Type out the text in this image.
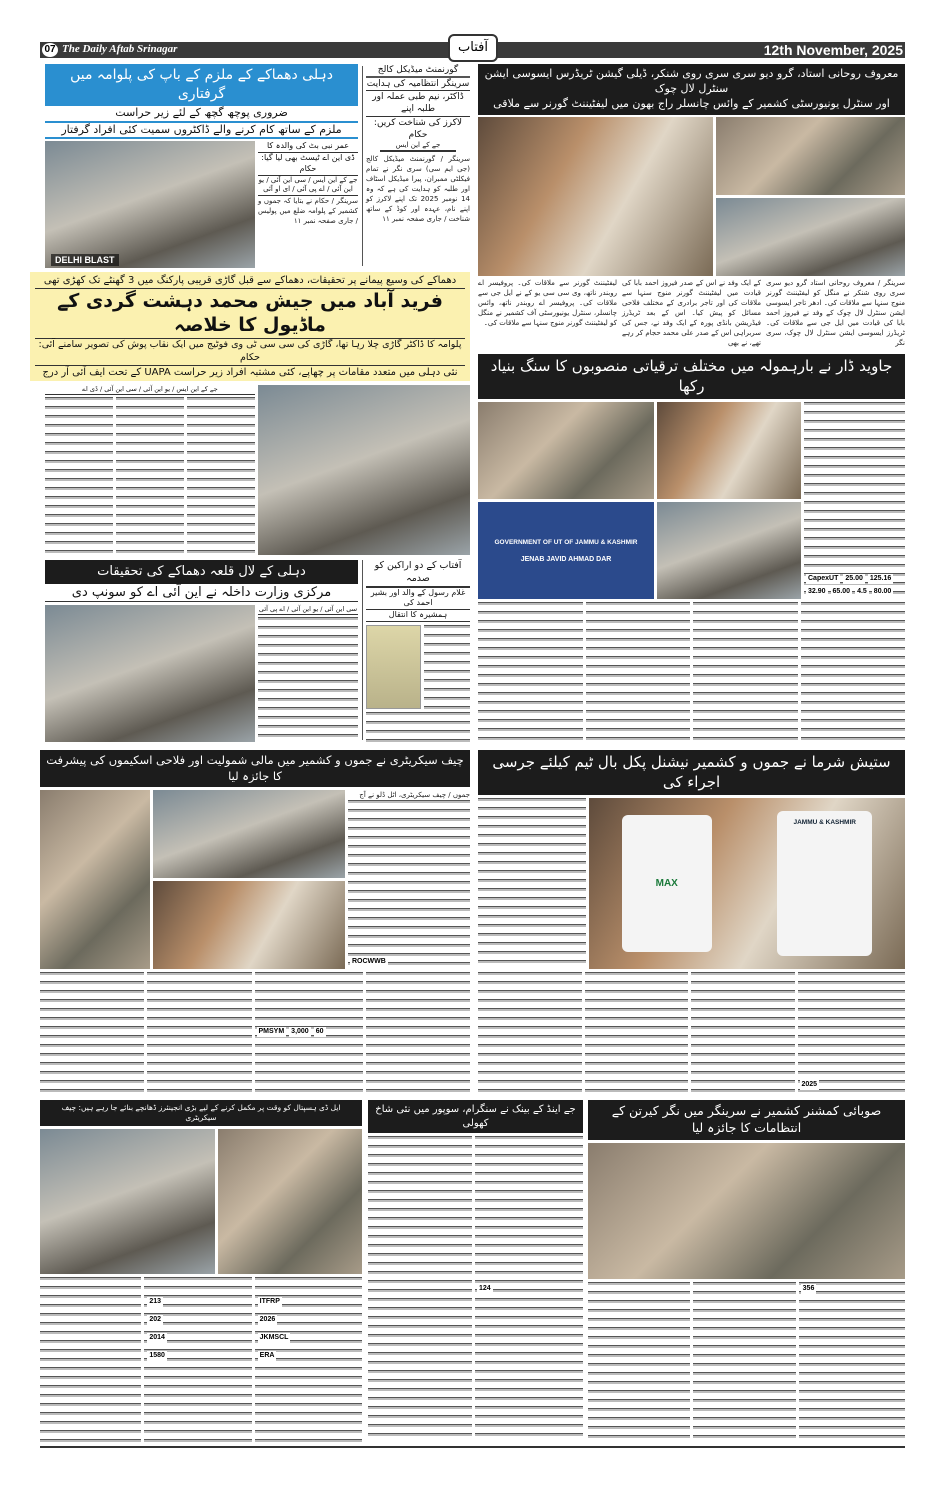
07 The Daily Aftab Srinagar	آفتاب	12th November, 2025
دہلی دھماکے کے ملزم کے باپ کی پلوامہ میں گرفتاری
ضروری پوچھ گچھ کے لئے زیر حراست
ملزم کے ساتھ کام کرنے والے ڈاکٹروں سمیت کئی افراد گرفتار
DELHI BLAST
عمر نبی بٹ کی والدہ کا
ڈی این اے ٹیسٹ بھی لیا گیا: حکام
جے کے این ایس / سی این آئی / یو این آئی / اے پی آئی / ای او آئی
سرینگر / حکام نے بتایا کہ جموں و کشمیر کے پلوامہ ضلع میں پولیس / جاری صفحہ نمبر ۱۱
گورنمنٹ میڈیکل کالج
سرینگر انتظامیہ کی ہدایت
ڈاکٹر، نیم طبی عملہ اور طلبہ اپنے
لاکرز کی شناخت کریں: حکام
جے کے این ایس
سرینگر / گورنمنٹ میڈیکل کالج (جی ایم سی) سری نگر نے تمام فیکلٹی ممبران، پیرا میڈیکل اسٹاف اور طلبہ کو ہدایت کی ہے کہ وہ 14 نومبر 2025 تک اپنے لاکرز کو اپنے نام، عہدہ اور کوڈ کے ساتھ شناخت / جاری صفحہ نمبر ۱۱
معروف روحانی استاد، گرو دیو سری سری روی شنکر، ڈیلی گیشن ٹریڈرس ایسوسی ایشن سنٹرل لال چوک
اور سنٹرل یونیورسٹی کشمیر کے وائس چانسلر راج بھون میں لیفٹیننٹ گورنر سے ملاقی
سرینگر / معروف روحانی استاد گرو دیو سری سری روی شنکر نے منگل کو لیفٹیننٹ گورنر منوج سنہا سے ملاقات کی۔ ادھر تاجر ایسوسی ایشن سنٹرل لال چوک کے وفد نے فیروز احمد بابا کی قیادت میں ایل جی سے ملاقات کی۔ ٹریڈرز ایسوسی ایشن سنٹرل لال چوک، سری نگر
کے ایک وفد نے اس کے صدر فیروز احمد بابا کی قیادت میں لیفٹیننٹ گورنر منوج سنہا سے ملاقات کی اور تاجر برادری کے مختلف فلاحی مسائل کو پیش کیا۔ اس کے بعد ٹریڈرز فیڈریشن بانڈی پورہ کے ایک وفد نے، جس کی سربراہی اس کے صدر علی محمد حجام کر رہے تھے، نے بھی
لیفٹیننٹ گورنر سے ملاقات کی۔ پروفیسر اے روبندر ناتھ، وی سی سی یو کے نے ایل جی سے ملاقات کی۔ پروفیسر اے روبندر ناتھ، وائس چانسلر، سنٹرل یونیورسٹی آف کشمیر نے منگل کو لیفٹیننٹ گورنر منوج سنہا سے ملاقات کی۔
دھماکے کی وسیع پیمانے پر تحقیقات، دھماکے سے قبل گاڑی قریبی پارکنگ میں 3 گھنٹے تک کھڑی تھی
فرید آباد میں جیش محمد دہشت گردی کے ماڈیول کا خلاصہ
پلوامہ کا ڈاکٹر گاڑی چلا رہا تھا، گاڑی کی سی سی ٹی وی فوٹیج میں ایک نقاب پوش کی تصویر سامنے آئی: حکام
نئی دہلی میں متعدد مقامات پر چھاپے، کئی مشتبہ افراد زیر حراست UAPA کے تحت ایف آئی آر درج
جے کے این ایس / یو این آئی / سی این آئی / ڈی اے
جاوید ڈار نے بارہمولہ میں مختلف ترقیاتی منصوبوں کا سنگ بنیاد رکھا
GOVERNMENT OF UT OF JAMMU & KASHMIR
JENAB JAVID AHMAD DAR
CapexUT 25.00 125.16
32.90 65.00 4.5 80.00
دہلی کے لال قلعہ دھماکے کی تحقیقات
مرکزی وزارت داخلہ نے این آئی اے کو سونپ دی
سی این آئی / یو این آئی / اے پی آئی
آفتاب کے دو اراکین کو صدمہ
غلام رسول کے والد اور بشیر احمد کی
ہمشیرہ کا انتقال
چیف سیکریٹری نے جموں و کشمیر میں مالی شمولیت اور فلاحی اسکیموں کی پیشرفت کا جائزہ لیا
جموں / چیف سیکریٹری، اٹل ڈلو نے آج
ROCWWB
PMSYM 3,000 60
ستیش شرما نے جموں و کشمیر نیشنل پکل بال ٹیم کیلئے جرسی اجراء کی
MAX
JAMMU & KASHMIR
2025
صوبائی کمشنر کشمیر نے سرینگر میں نگر کیرتن کے انتظامات کا جائزہ لیا
356
جے اینڈ کے بینک نے سنگرام، سوپور میں نئی شاخ کھولی
124
ایل ڈی ہسپتال کو وقت پر مکمل کرنے کے لیے بڑی انجینئرز ڈھانچے بنائے جا رہے ہیں: چیف سیکریٹری
213
202
2014
1580
ITFRP
2026
JKMSCL
ERA
